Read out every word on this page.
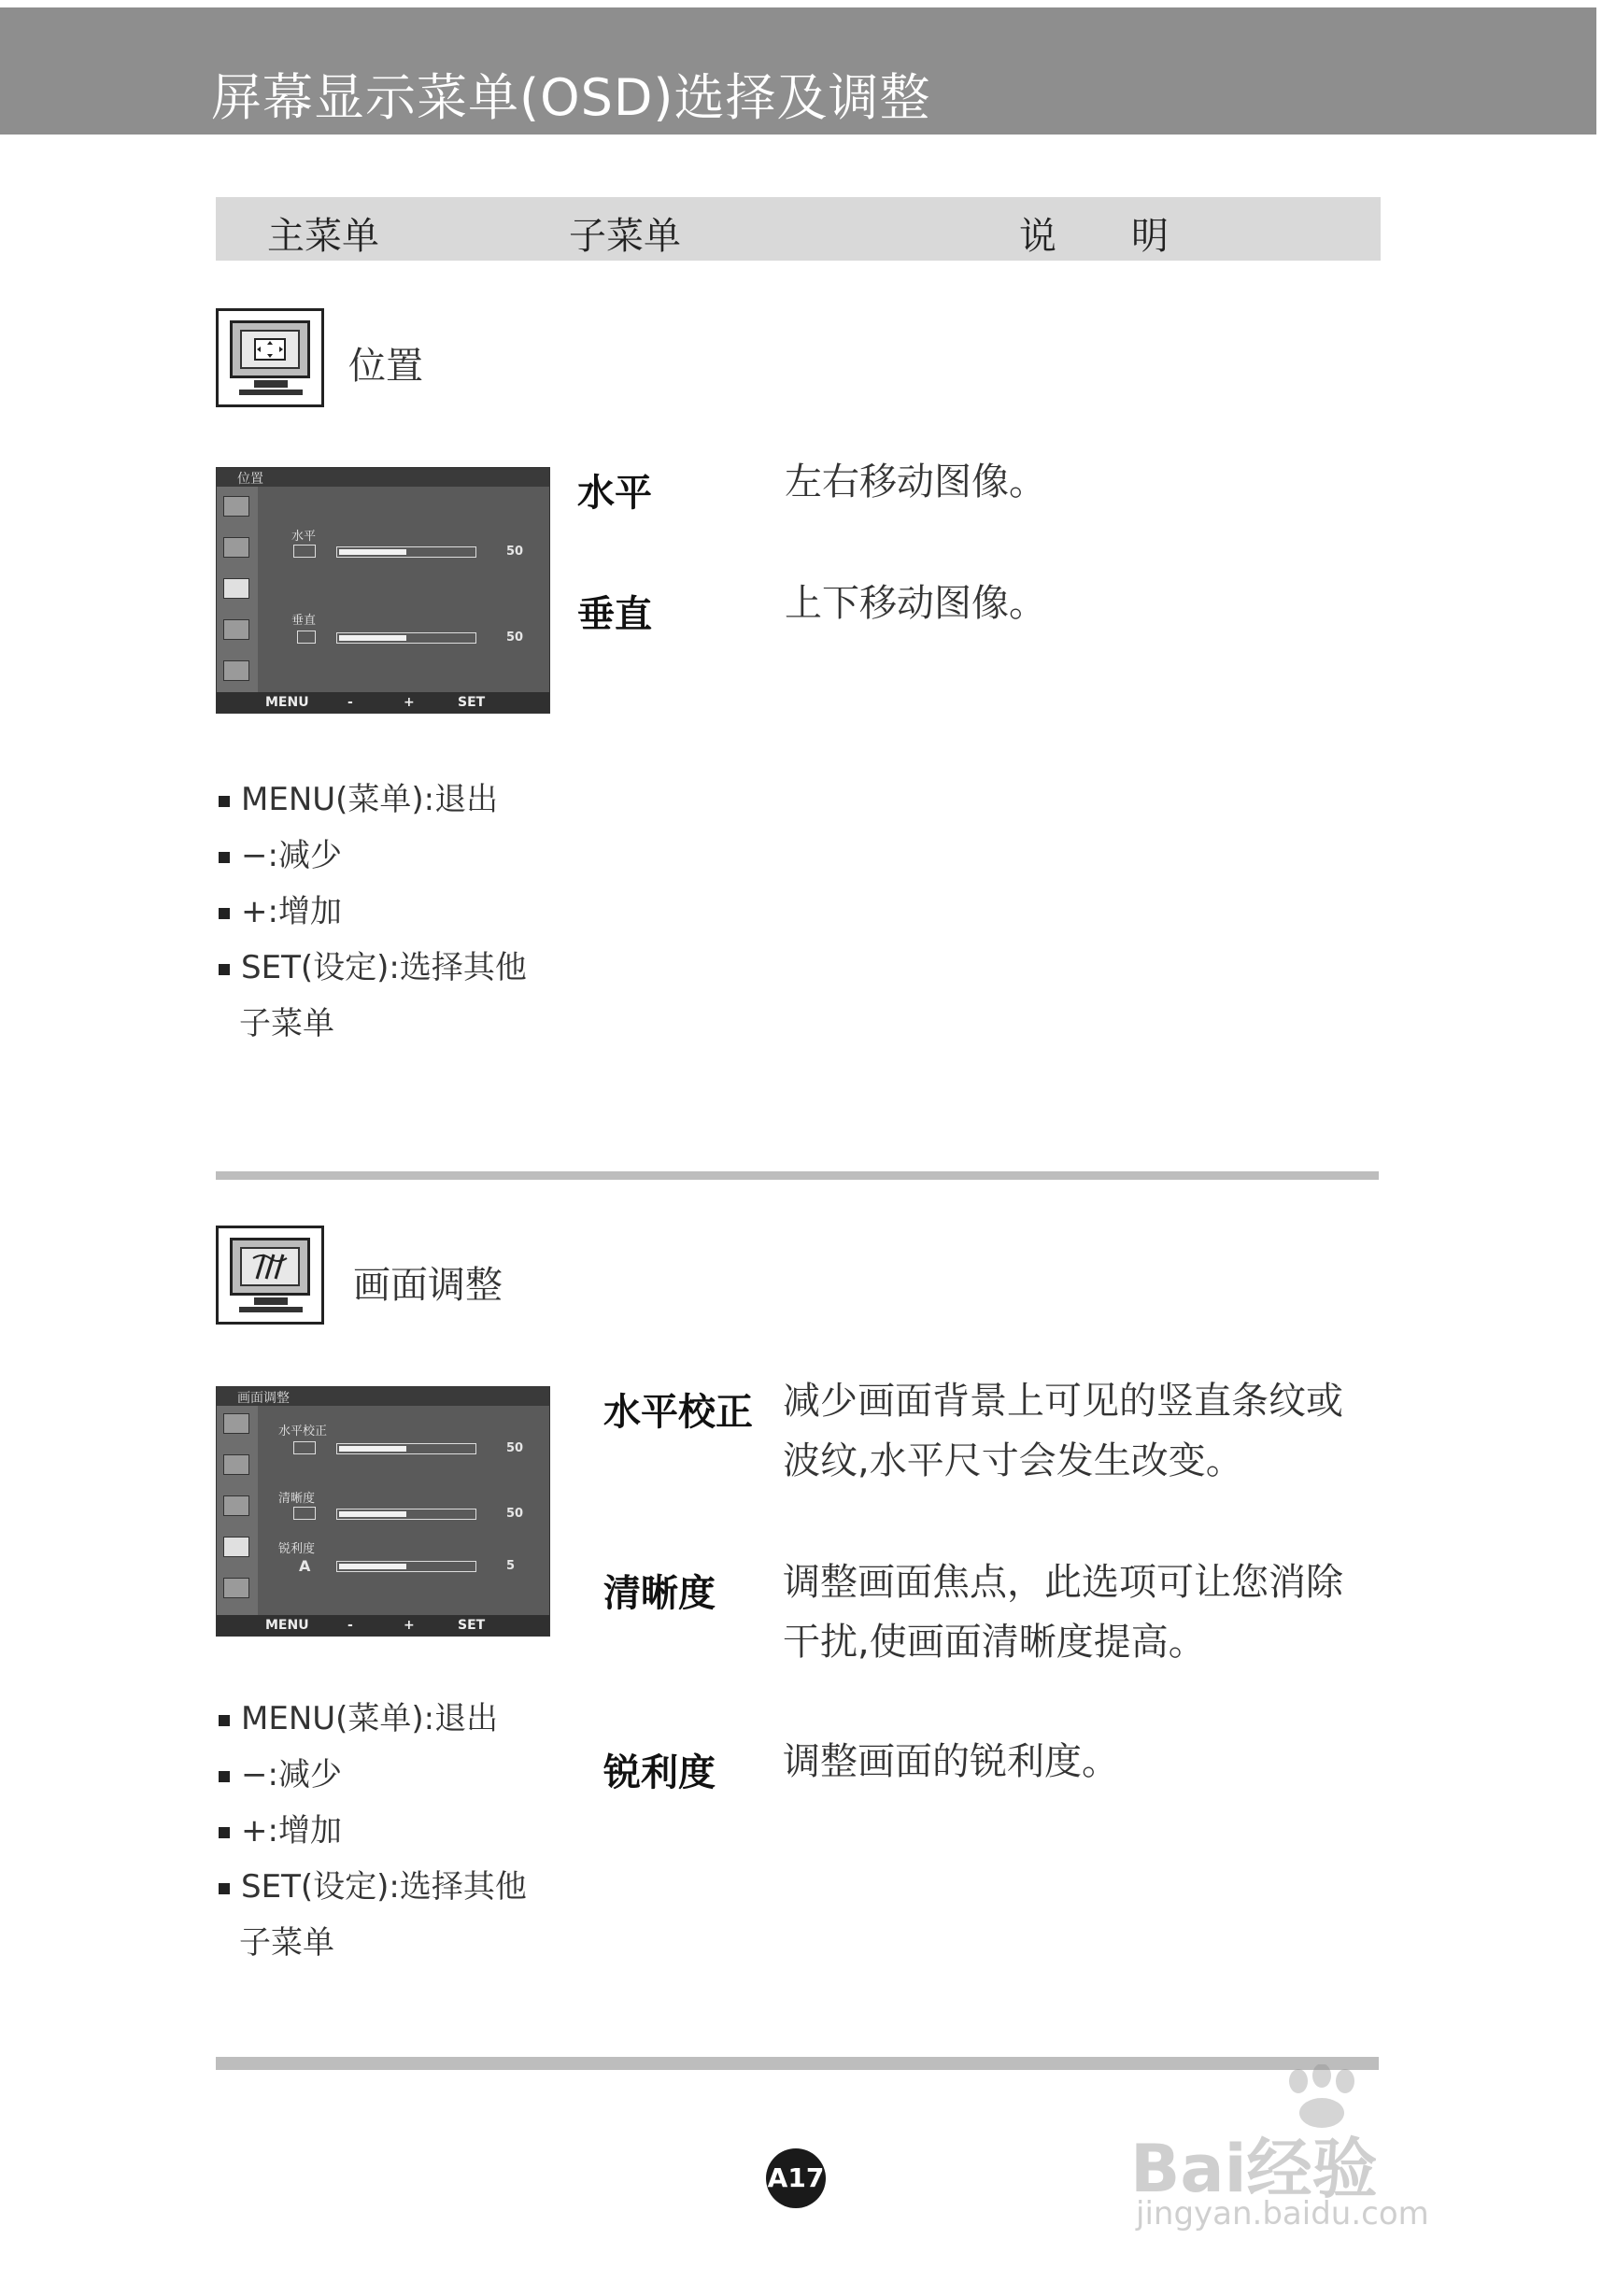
屏幕显示菜单(OSD)选择及调整
主菜单	子菜单	说　　明
位置
位置
水平
50
垂直
50
MENU	-	+	SET
水平	左右移动图像。
垂直	上下移动图像。
MENU(菜单):退出
−:减少
+:增加
SET(设定):选择其他
子菜单
画面调整
画面调整
水平校正
50
清晰度
50
锐利度
A	5
MENU	-	+	SET
水平校正 减少画面背景上可见的竖直条纹或
波纹,水平尺寸会发生改变。
清晰度 调整画面焦点，此选项可让您消除
干扰,使画面清晰度提高。
锐利度 调整画面的锐利度。
MENU(菜单):退出
−:减少
+:增加
SET(设定):选择其他
子菜单
A17	Bai经验
jingyan.baidu.com
